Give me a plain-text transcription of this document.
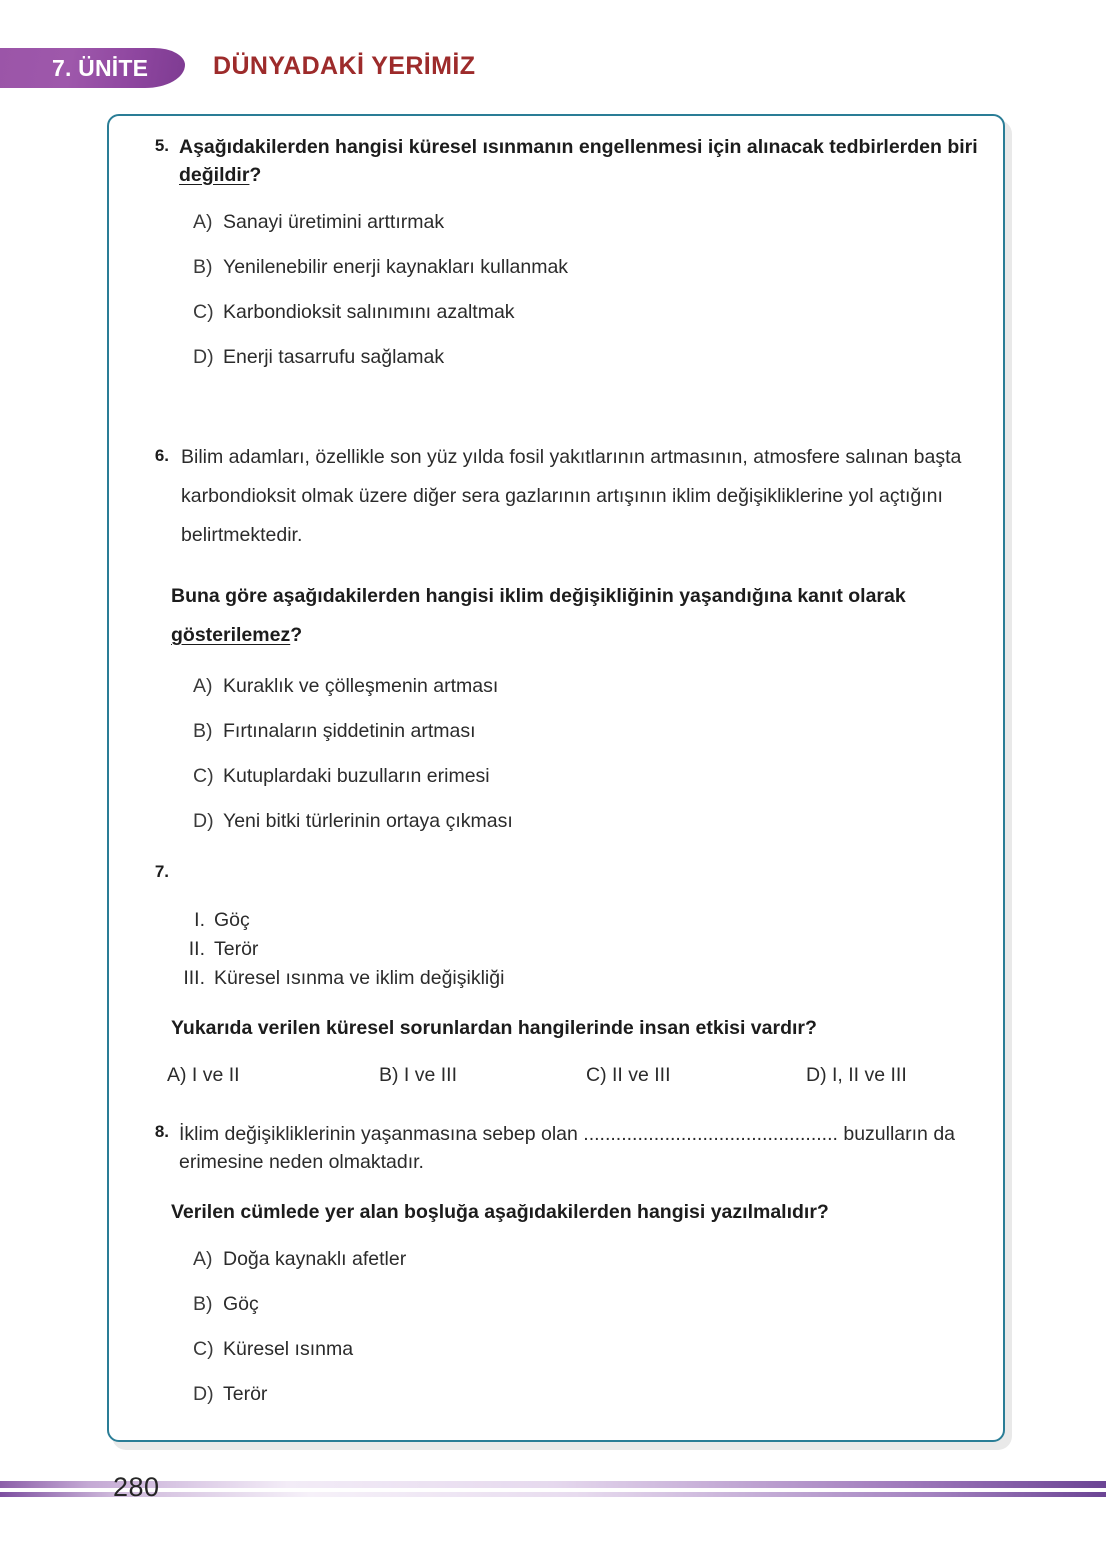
7. ÜNİTE	DÜNYADAKİ YERİMİZ
5. Aşağıdakilerden hangisi küresel ısınmanın engellenmesi için alınacak tedbirlerden biri değildir?
A) Sanayi üretimini arttırmak
B) Yenilenebilir enerji kaynakları kullanmak
C) Karbondioksit salınımını azaltmak
D) Enerji tasarrufu sağlamak
6. Bilim adamları, özellikle son yüz yılda fosil yakıtlarının artmasının, atmosfere salınan başta karbondioksit olmak üzere diğer sera gazlarının artışının iklim değişikliklerine yol açtığını belirtmektedir.
Buna göre aşağıdakilerden hangisi iklim değişikliğinin yaşandığına kanıt olarak gösterilemez?
A) Kuraklık ve çölleşmenin artması
B) Fırtınaların şiddetinin artması
C) Kutuplardaki buzulların erimesi
D) Yeni bitki türlerinin ortaya çıkması
7.
I. Göç
II. Terör
III. Küresel ısınma ve iklim değişikliği
Yukarıda verilen küresel sorunlardan hangilerinde insan etkisi vardır?
A) I ve II	B) I ve III	C) II ve III	D) I, II ve III
8. İklim değişikliklerinin yaşanmasına sebep olan ............................................... buzulların da erimesine neden olmaktadır.
Verilen cümlede yer alan boşluğa aşağıdakilerden hangisi yazılmalıdır?
A) Doğa kaynaklı afetler
B) Göç
C) Küresel ısınma
D) Terör
280
